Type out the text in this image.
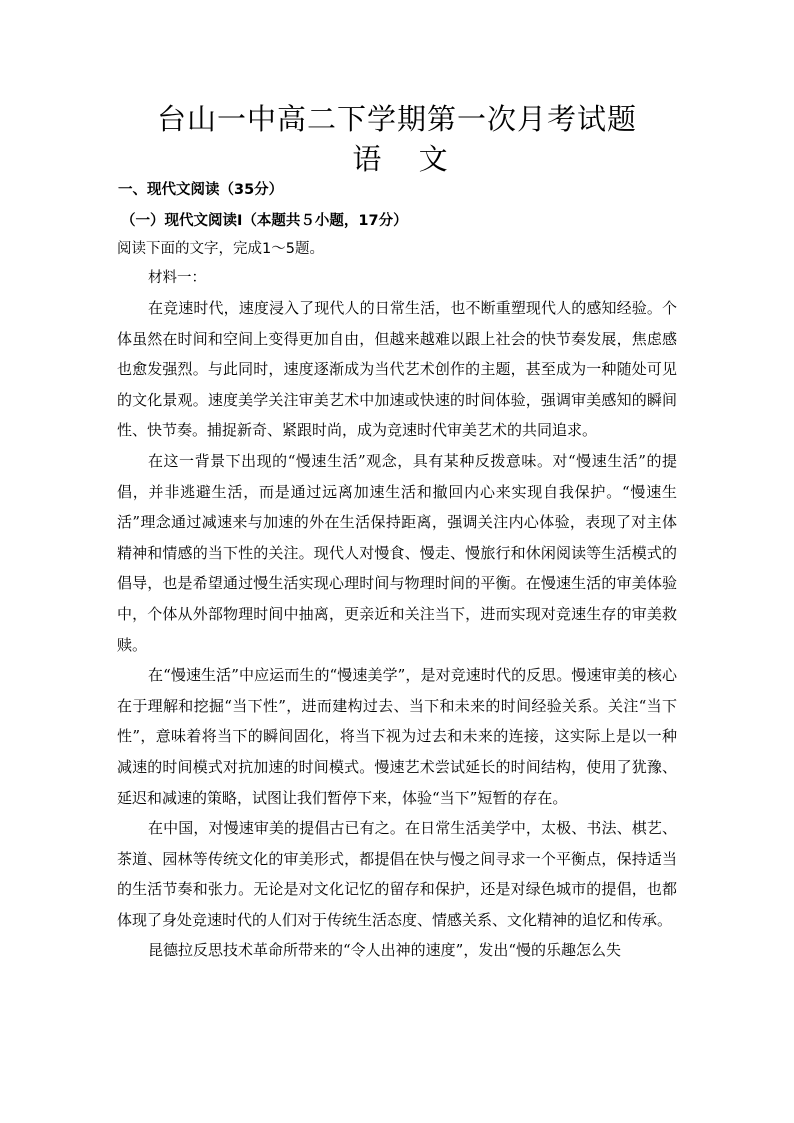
台山一中高二下学期第一次月考试题
语 文
一、现代文阅读（35分）
（一）现代文阅读Ⅰ（本题共５小题，17分）
阅读下面的文字，完成1～5题。
材料一：

在竞速时代，速度浸入了现代人的日常生活，也不断重塑现代人的感知经验。个体虽然在时间和空间上变得更加自由，但越来越难以跟上社会的快节奏发展，焦虑感也愈发强烈。与此同时，速度逐渐成为当代艺术创作的主题，甚至成为一种随处可见的文化景观。速度美学关注审美艺术中加速或快速的时间体验，强调审美感知的瞬间性、快节奏。捕捉新奇、紧跟时尚，成为竞速时代审美艺术的共同追求。

在这一背景下出现的“慢速生活”观念，具有某种反拨意味。对“慢速生活”的提倡，并非逃避生活，而是通过远离加速生活和撤回内心来实现自我保护。“慢速生活”理念通过减速来与加速的外在生活保持距离，强调关注内心体验，表现了对主体精神和情感的当下性的关注。现代人对慢食、慢走、慢旅行和休闲阅读等生活模式的倡导，也是希望通过慢生活实现心理时间与物理时间的平衡。在慢速生活的审美体验中，个体从外部物理时间中抽离，更亲近和关注当下，进而实现对竞速生存的审美救赎。

在“慢速生活”中应运而生的“慢速美学”，是对竞速时代的反思。慢速审美的核心在于理解和挖掘“当下性”，进而建构过去、当下和未来的时间经验关系。关注“当下性”，意味着将当下的瞬间固化，将当下视为过去和未来的连接，这实际上是以一种减速的时间模式对抗加速的时间模式。慢速艺术尝试延长的时间结构，使用了犹豫、延迟和减速的策略，试图让我们暂停下来，体验“当下”短暂的存在。

在中国，对慢速审美的提倡古已有之。在日常生活美学中，太极、书法、棋艺、茶道、园林等传统文化的审美形式，都提倡在快与慢之间寻求一个平衡点，保持适当的生活节奏和张力。无论是对文化记忆的留存和保护，还是对绿色城市的提倡，也都体现了身处竞速时代的人们对于传统生活态度、情感关系、文化精神的追忆和传承。

昆德拉反思技术革命所带来的“令人出神的速度”，发出“慢的乐趣怎么失
